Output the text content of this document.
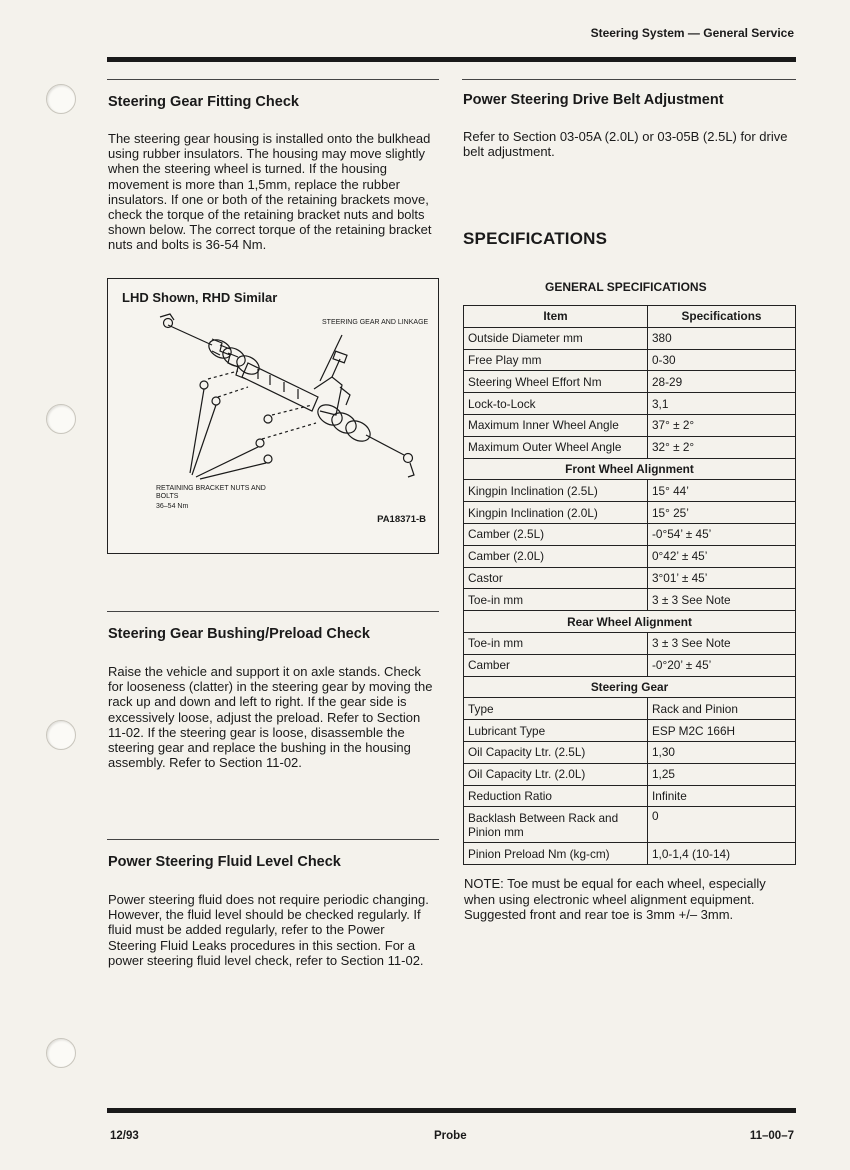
Steering System — General Service
Steering Gear Fitting Check
The steering gear housing is installed onto the bulkhead using rubber insulators. The housing may move slightly when the steering wheel is turned. If the housing movement is more than 1,5mm, replace the rubber insulators. If one or both of the retaining brackets move, check the torque of the retaining bracket nuts and bolts shown below. The correct torque of the retaining bracket nuts and bolts is 36-54 Nm.
LHD Shown, RHD Similar
STEERING GEAR AND LINKAGE
RETAINING BRACKET NUTS AND BOLTS
36–54 Nm
PA18371-B
Steering Gear Bushing/Preload Check
Raise the vehicle and support it on axle stands. Check for looseness (clatter) in the steering gear by moving the rack up and down and left to right. If the gear side is excessively loose, adjust the preload. Refer to Section 11-02. If the steering gear is loose, disassemble the steering gear and replace the bushing in the housing assembly. Refer to Section 11-02.
Power Steering Fluid Level Check
Power steering fluid does not require periodic changing. However, the fluid level should be checked regularly. If fluid must be added regularly, refer to the Power Steering Fluid Leaks procedures in this section. For a power steering fluid level check, refer to Section 11-02.
Power Steering Drive Belt Adjustment
Refer to Section 03-05A (2.0L) or 03-05B (2.5L) for drive belt adjustment.
SPECIFICATIONS
GENERAL SPECIFICATIONS
Item	Specifications
Outside Diameter mm	380
Free Play mm	0-30
Steering Wheel Effort Nm	28-29
Lock-to-Lock	3,1
Maximum Inner Wheel Angle	37° ± 2°
Maximum Outer Wheel Angle	32° ± 2°
Front Wheel Alignment	
Kingpin Inclination (2.5L)	15° 44’
Kingpin Inclination (2.0L)	15° 25’
Camber (2.5L)	-0°54’ ± 45’
Camber (2.0L)	0°42’ ± 45’
Castor	3°01’ ± 45’
Toe-in mm	3 ± 3 See Note
Rear Wheel Alignment	
Toe-in mm	3 ± 3 See Note
Camber	-0°20’ ± 45’
Steering Gear	
Type	Rack and Pinion
Lubricant Type	ESP M2C 166H
Oil Capacity Ltr. (2.5L)	1,30
Oil Capacity Ltr. (2.0L)	1,25
Reduction Ratio	Infinite
Backlash Between Rack and Pinion mm	0
Pinion Preload Nm (kg-cm)	1,0-1,4 (10-14)
NOTE: Toe must be equal for each wheel, especially when using electronic wheel alignment equipment. Suggested front and rear toe is 3mm +/– 3mm.
12/93	Probe	11–00–7
